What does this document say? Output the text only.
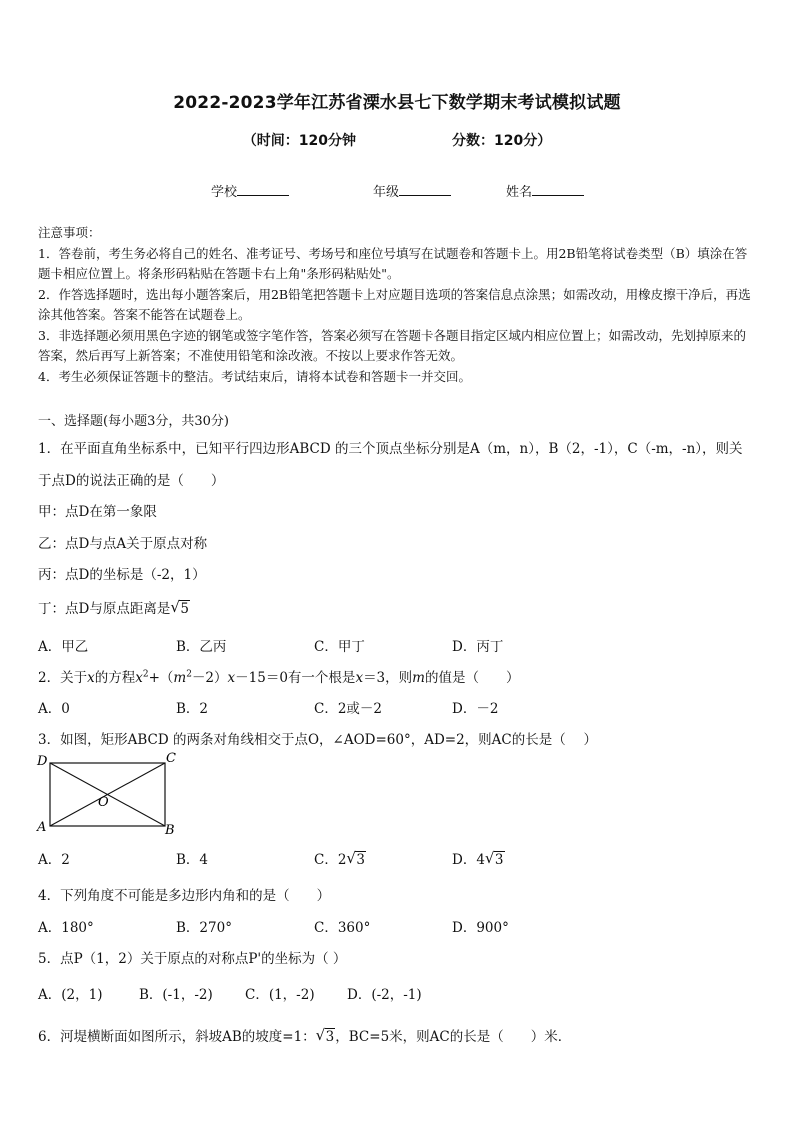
2022-2023学年江苏省溧水县七下数学期末考试模拟试题
（时间：120分钟	分数：120分）
学校	年级	姓名

注意事项：

1．答卷前，考生务必将自己的姓名、准考证号、考场号和座位号填写在试题卷和答题卡上。用2B铅笔将试卷类型（B）填涂在答题卡相应位置上。将条形码粘贴在答题卡右上角"条形码粘贴处"。

2．作答选择题时，选出每小题答案后，用2B铅笔把答题卡上对应题目选项的答案信息点涂黑；如需改动，用橡皮擦干净后，再选涂其他答案。答案不能答在试题卷上。

3．非选择题必须用黑色字迹的钢笔或签字笔作答，答案必须写在答题卡各题目指定区域内相应位置上；如需改动，先划掉原来的答案，然后再写上新答案；不准使用铅笔和涂改液。不按以上要求作答无效。

4．考生必须保证答题卡的整洁。考试结束后，请将本试卷和答题卡一并交回。

一、选择题(每小题3分，共30分)
1．在平面直角坐标系中，已知平行四边形ABCD 的三个顶点坐标分别是A（m，n），B（2，-1），C（-m，-n），则关
于点D的说法正确的是（　　）
甲：点D在第一象限
乙：点D与点A关于原点对称
丙：点D的坐标是（-2，1）
丁：点D与原点距离是 √ 5
A．甲乙	B．乙丙	C．甲丁	D．丙丁
2．关于x的方程$x^2+(m^2-2)x-15=0$有一个根是x＝3，则m的值是（　　）
A．0	B．2	C．2或－2	D．－2
3．如图，矩形ABCD 的两条对角线相交于点O，∠AOD=60°，AD=2，则AC的长是（　 ）
D	C
O
A	B
A．2	B．4	C．2 √ 3	D．4 √ 3
4．下列角度不可能是多边形内角和的是（　　）
A．180°	B．270°	C．360°	D．900°
5．点P（1，2）关于原点的对称点P'的坐标为（ ）
A．(2，1)	B．(-1，-2) C．(1，-2) D．(-2，-1)
6．河堤横断面如图所示，斜坡AB的坡度=1： √ 3，BC=5米，则AC的长是（　　）米．
